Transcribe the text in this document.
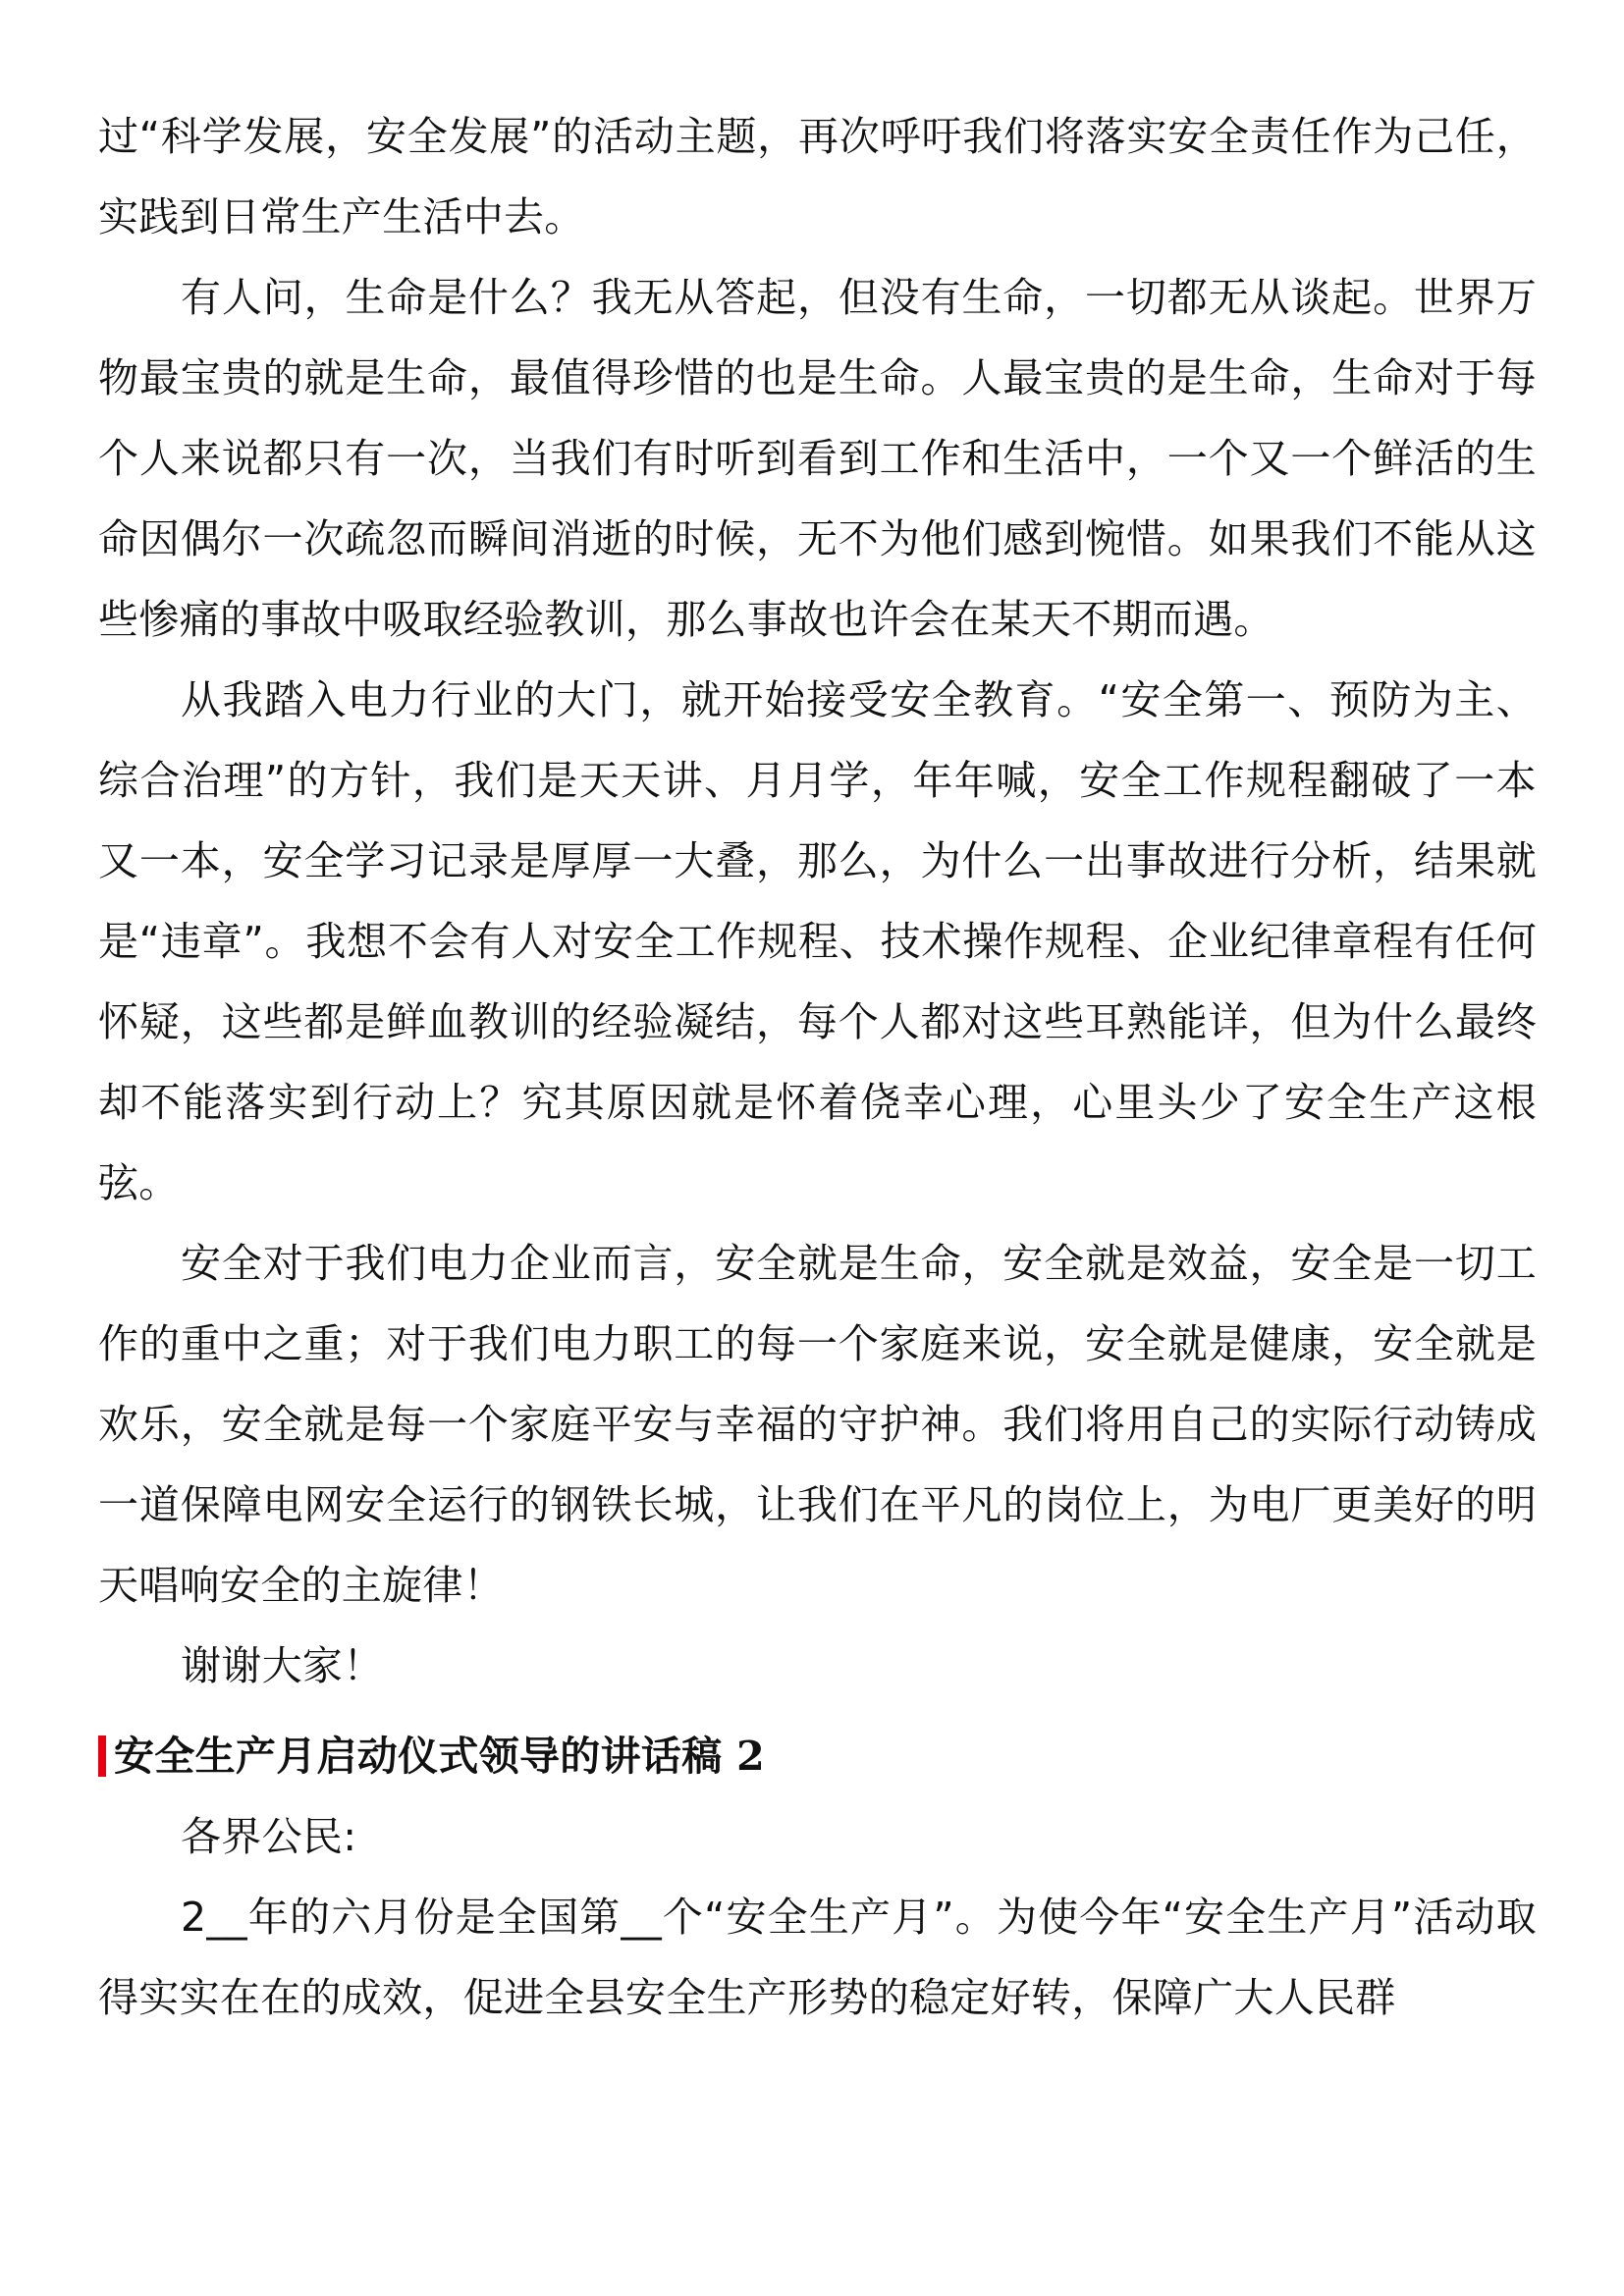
过“科学发展，安全发展”的活动主题，再次呼吁我们将落实安全责任作为己任，实践到日常生产生活中去。

有人问，生命是什么？我无从答起，但没有生命，一切都无从谈起。世界万物最宝贵的就是生命，最值得珍惜的也是生命。人最宝贵的是生命，生命对于每个人来说都只有一次，当我们有时听到看到工作和生活中，一个又一个鲜活的生命因偶尔一次疏忽而瞬间消逝的时候，无不为他们感到惋惜。如果我们不能从这些惨痛的事故中吸取经验教训，那么事故也许会在某天不期而遇。

从我踏入电力行业的大门，就开始接受安全教育。“安全第一、预防为主、综合治理”的方针，我们是天天讲、月月学，年年喊，安全工作规程翻破了一本又一本，安全学习记录是厚厚一大叠，那么，为什么一出事故进行分析，结果就是“违章”。我想不会有人对安全工作规程、技术操作规程、企业纪律章程有任何怀疑，这些都是鲜血教训的经验凝结，每个人都对这些耳熟能详，但为什么最终却不能落实到行动上？究其原因就是怀着侥幸心理，心里头少了安全生产这根弦。

安全对于我们电力企业而言，安全就是生命，安全就是效益，安全是一切工作的重中之重；对于我们电力职工的每一个家庭来说，安全就是健康，安全就是欢乐，安全就是每一个家庭平安与幸福的守护神。我们将用自己的实际行动铸成一道保障电网安全运行的钢铁长城，让我们在平凡的岗位上，为电厂更美好的明天唱响安全的主旋律！

谢谢大家！

安全生产月启动仪式领导的讲话稿 2

各界公民:

2__年的六月份是全国第__个“安全生产月”。为使今年“安全生产月”活动取得实实在在的成效，促进全县安全生产形势的稳定好转，保障广大人民群
